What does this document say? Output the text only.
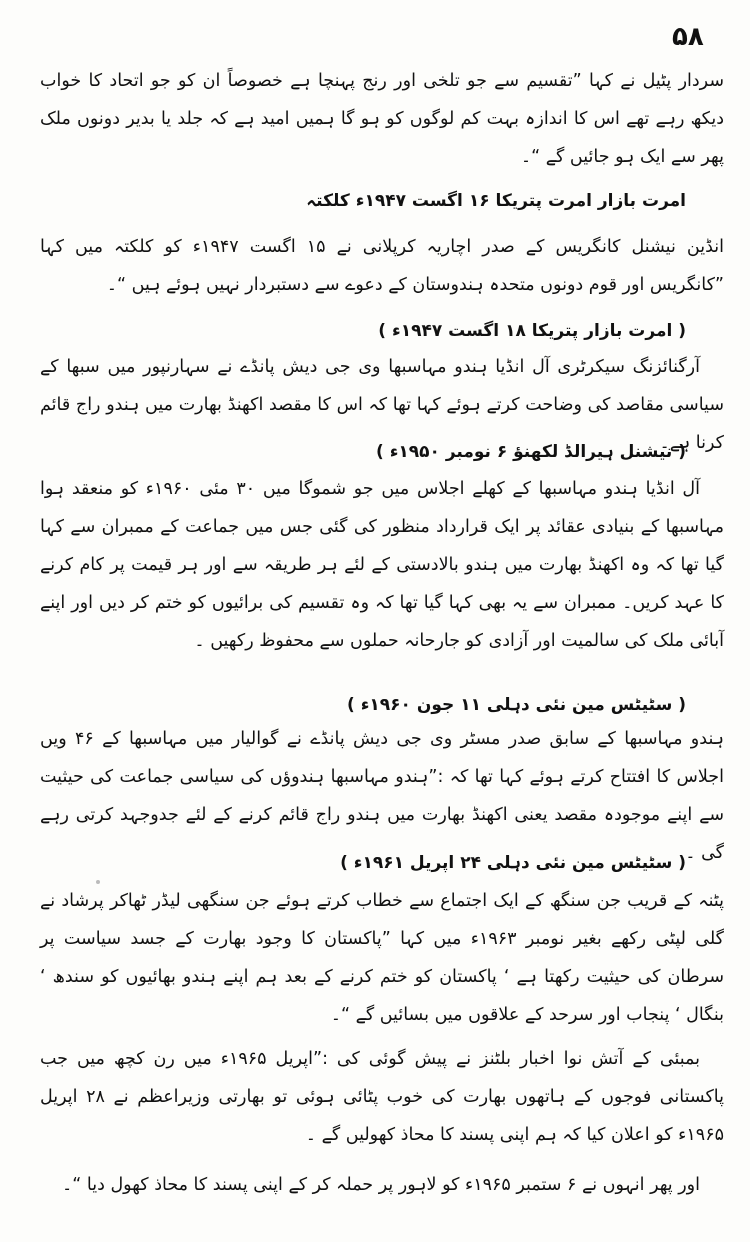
۵۸

سردار پٹیل نے کہا ”تقسیم سے جو تلخی اور رنج پہنچا ہے خصوصاً ان کو جو اتحاد کا خواب دیکھ رہے تھے اس کا اندازہ بہت کم لوگوں کو ہو گا ہمیں امید ہے کہ جلد یا بدیر دونوں ملک پھر سے ایک ہو جائیں گے “۔

امرت بازار امرت پتریکا ۱۶ اگست ۱۹۴۷ء کلکتہ

انڈین نیشنل کانگریس کے صدر اچاریہ کرپلانی نے ۱۵ اگست ۱۹۴۷ء کو کلکتہ میں کہا ”کانگریس اور قوم دونوں متحدہ ہندوستان کے دعوے سے دستبردار نہیں ہوئے ہیں “۔

( امرت بازار پتریکا ۱۸ اگست ۱۹۴۷ء )

آرگنائزنگ سیکرٹری آل انڈیا ہندو مہاسبھا وی جی دیش پانڈے نے سہارنپور میں سبھا کے سیاسی مقاصد کی وضاحت کرتے ہوئے کہا تھا کہ اس کا مقصد اکھنڈ بھارت میں ہندو راج قائم کرنا ہے۔

( نیشنل ہیرالڈ لکھنؤ ۶ نومبر ۱۹۵۰ء )

آل انڈیا ہندو مہاسبھا کے کھلے اجلاس میں جو شموگا میں ۳۰ مئی ۱۹۶۰ء کو منعقد ہوا مہاسبھا کے بنیادی عقائد پر ایک قرارداد منظور کی گئی جس میں جماعت کے ممبران سے کہا گیا تھا کہ وہ اکھنڈ بھارت میں ہندو بالادستی کے لئے ہر طریقہ سے اور ہر قیمت پر کام کرنے کا عہد کریں۔ ممبران سے یہ بھی کہا گیا تھا کہ وہ تقسیم کی برائیوں کو ختم کر دیں اور اپنے آبائی ملک کی سالمیت اور آزادی کو جارحانہ حملوں سے محفوظ رکھیں ۔

( سٹیٹس مین نئی دہلی ۱۱ جون ۱۹۶۰ء )

ہندو مہاسبھا کے سابق صدر مسٹر وی جی دیش پانڈے نے گوالیار میں مہاسبھا کے ۴۶ ویں اجلاس کا افتتاح کرتے ہوئے کہا تھا کہ :”ہندو مہاسبھا ہندوؤں کی سیاسی جماعت کی حیثیت سے اپنے موجودہ مقصد یعنی اکھنڈ بھارت میں ہندو راج قائم کرنے کے لئے جدوجہد کرتی رہے گی ۔

( سٹیٹس مین نئی دہلی ۲۴ اپریل ۱۹۶۱ء )

پٹنہ کے قریب جن سنگھ کے ایک اجتماع سے خطاب کرتے ہوئے جن سنگھی لیڈر ٹھاکر پرشاد نے گلی لپٹی رکھے بغیر نومبر ۱۹۶۳ء میں کہا ”پاکستان کا وجود بھارت کے جسد سیاست پر سرطان کی حیثیت رکھتا ہے ‘ پاکستان کو ختم کرنے کے بعد ہم اپنے ہندو بھائیوں کو سندھ ‘ بنگال ‘ پنجاب اور سرحد کے علاقوں میں بسائیں گے “۔

بمبئی کے آتش نوا اخبار بلٹنز نے پیش گوئی کی :”اپریل ۱۹۶۵ء میں رن کچھ میں جب پاکستانی فوجوں کے ہاتھوں بھارت کی خوب پٹائی ہوئی تو بھارتی وزیراعظم نے ۲۸ اپریل ۱۹۶۵ء کو اعلان کیا کہ ہم اپنی پسند کا محاذ کھولیں گے ۔

اور پھر انہوں نے ۶ ستمبر ۱۹۶۵ء کو لاہور پر حملہ کر کے اپنی پسند کا محاذ کھول دیا “۔
